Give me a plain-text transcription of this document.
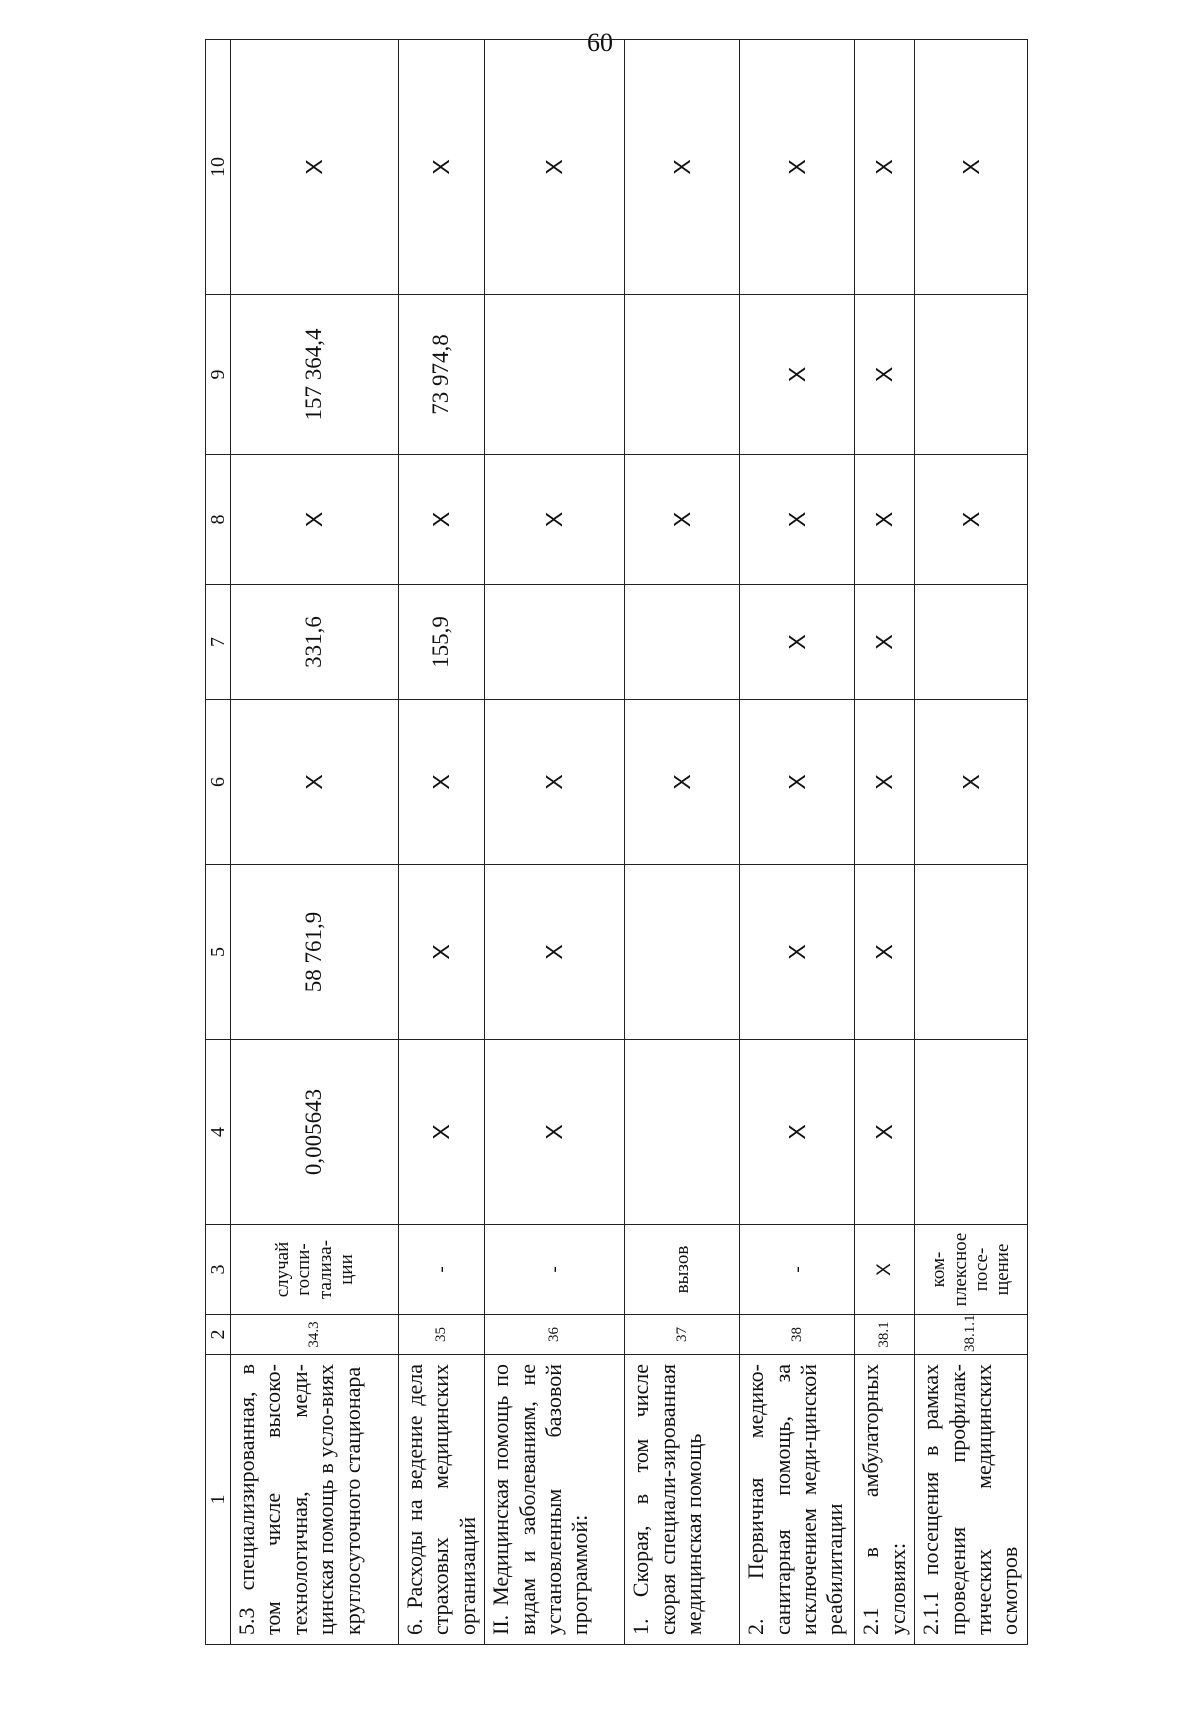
60
1	2	3	4	5	6	7	8	9	10
5.3 специализированная, в том числе высоко-технологичная, меди-цинская помощь в усло-виях круглосуточного стационара	34.3	случай госпи-тализа-ции	0,005643	58 761,9	X	331,6	X	157 364,4	X
6. Расходы на ведение дела страховых медицинских организаций	35	-	X	X	X	155,9	X	73 974,8	X
II. Медицинская помощь по видам и заболеваниям, не установленным базовой программой:	36	-	X	X	X		X		X
1. Скорая, в том числе скорая специали-зированная медицинская помощь	37	вызов			X		X		X
2. Первичная медико-санитарная помощь, за исключением меди-цинской реабилитации	38	-	X	X	X	X	X	X	X
2.1 в амбулаторных условиях:	38.1	X	X	X	X	X	X	X	X
2.1.1 посещения в рамках проведения профилак-тических медицинских осмотров	38.1.1	ком-плексное посе-щение			X		X		X
